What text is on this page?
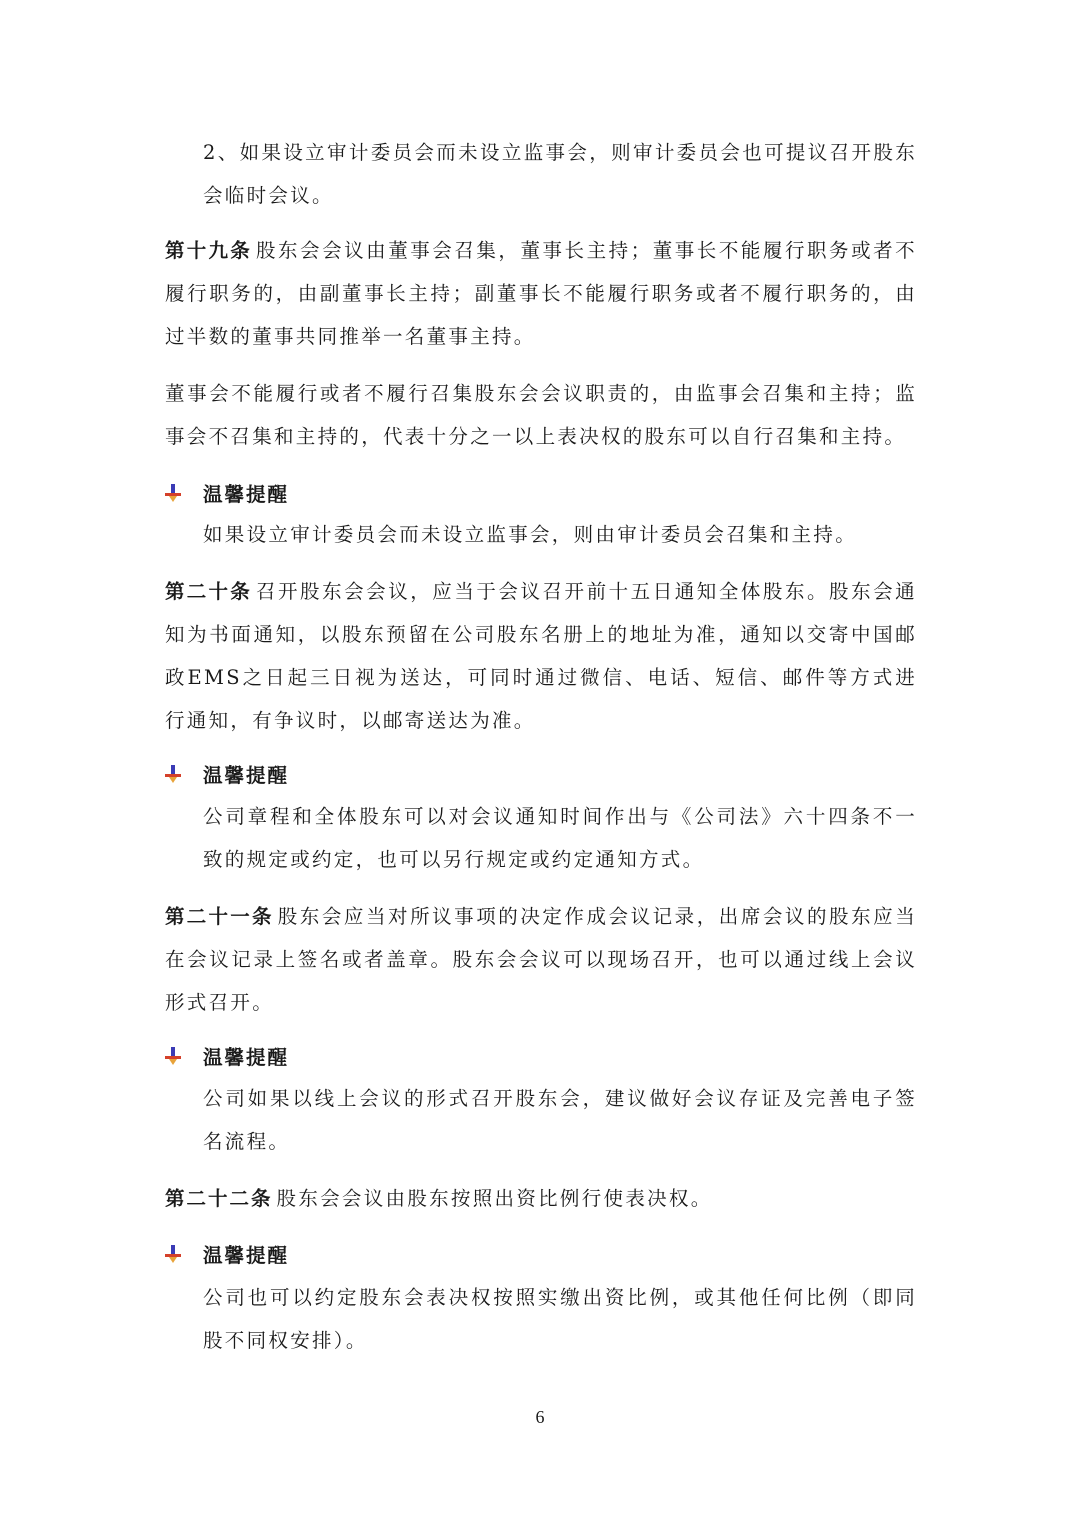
2、如果设立审计委员会而未设立监事会，则审计委员会也可提议召开股东会临时会议。

第十九条 股东会会议由董事会召集，董事长主持；董事长不能履行职务或者不履行职务的，由副董事长主持；副董事长不能履行职务或者不履行职务的，由过半数的董事共同推举一名董事主持。

董事会不能履行或者不履行召集股东会会议职责的，由监事会召集和主持；监事会不召集和主持的，代表十分之一以上表决权的股东可以自行召集和主持。

温馨提醒

如果设立审计委员会而未设立监事会，则由审计委员会召集和主持。

第二十条 召开股东会会议，应当于会议召开前十五日通知全体股东。股东会通知为书面通知，以股东预留在公司股东名册上的地址为准，通知以交寄中国邮政EMS之日起三日视为送达，可同时通过微信、电话、短信、邮件等方式进行通知，有争议时，以邮寄送达为准。

温馨提醒

公司章程和全体股东可以对会议通知时间作出与《公司法》六十四条不一致的规定或约定，也可以另行规定或约定通知方式。

第二十一条 股东会应当对所议事项的决定作成会议记录，出席会议的股东应当在会议记录上签名或者盖章。股东会会议可以现场召开，也可以通过线上会议形式召开。

温馨提醒

公司如果以线上会议的形式召开股东会，建议做好会议存证及完善电子签名流程。

第二十二条 股东会会议由股东按照出资比例行使表决权。

温馨提醒

公司也可以约定股东会表决权按照实缴出资比例，或其他任何比例（即同股不同权安排）。

6
